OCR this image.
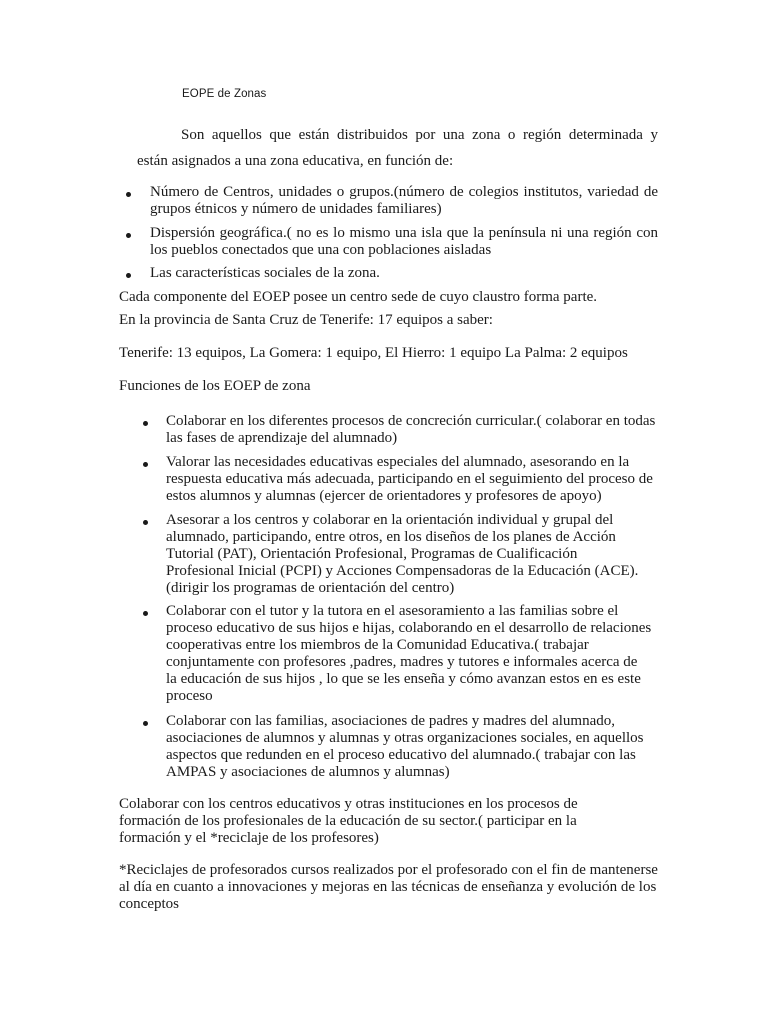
EOPE de Zonas
Son aquellos que están distribuidos por una zona o región determinada y
están asignados a una zona educativa, en función de:
Número de Centros, unidades o grupos.(número de colegios institutos, variedad de grupos étnicos y número de unidades familiares)
Dispersión geográfica.( no es lo mismo una isla que la península ni una región con los pueblos conectados que una con poblaciones aisladas
Las características sociales de la zona.
Cada componente del EOEP posee un centro sede de cuyo claustro forma parte.
En la provincia de Santa Cruz de Tenerife: 17 equipos a saber:
Tenerife: 13 equipos, La Gomera: 1 equipo, El Hierro: 1 equipo La Palma: 2 equipos
Funciones de los EOEP de zona
Colaborar en los diferentes procesos de concreción curricular.( colaborar en todas las fases de aprendizaje del alumnado)
Valorar las necesidades educativas especiales del alumnado, asesorando en la respuesta educativa más adecuada, participando en el seguimiento del proceso de estos alumnos y alumnas (ejercer de orientadores y profesores de apoyo)
Asesorar a los centros y colaborar en la orientación individual y grupal del alumnado, participando, entre otros, en los diseños de los planes de Acción Tutorial (PAT), Orientación Profesional, Programas de Cualificación Profesional Inicial (PCPI) y Acciones Compensadoras de la Educación (ACE).(dirigir los programas de orientación del centro)
Colaborar con el tutor y la tutora en el asesoramiento a las familias sobre el proceso educativo de sus hijos e hijas, colaborando en el desarrollo de relaciones cooperativas entre los miembros de la Comunidad Educativa.( trabajar conjuntamente con profesores ,padres, madres y tutores e informales acerca de la educación de sus hijos , lo que se les enseña y cómo avanzan estos en es este proceso
Colaborar con las familias, asociaciones de padres y madres del alumnado, asociaciones de alumnos y alumnas y otras organizaciones sociales, en aquellos aspectos que redunden en el proceso educativo del alumnado.( trabajar con las AMPAS y asociaciones de alumnos y alumnas)
Colaborar con los centros educativos y otras instituciones en los procesos de formación de los profesionales de la educación de su sector.( participar en la formación y el *reciclaje de los profesores)
*Reciclajes de profesorados cursos realizados por el profesorado con el fin de mantenerse al día en cuanto a innovaciones y mejoras en las técnicas de enseñanza y evolución de los conceptos
